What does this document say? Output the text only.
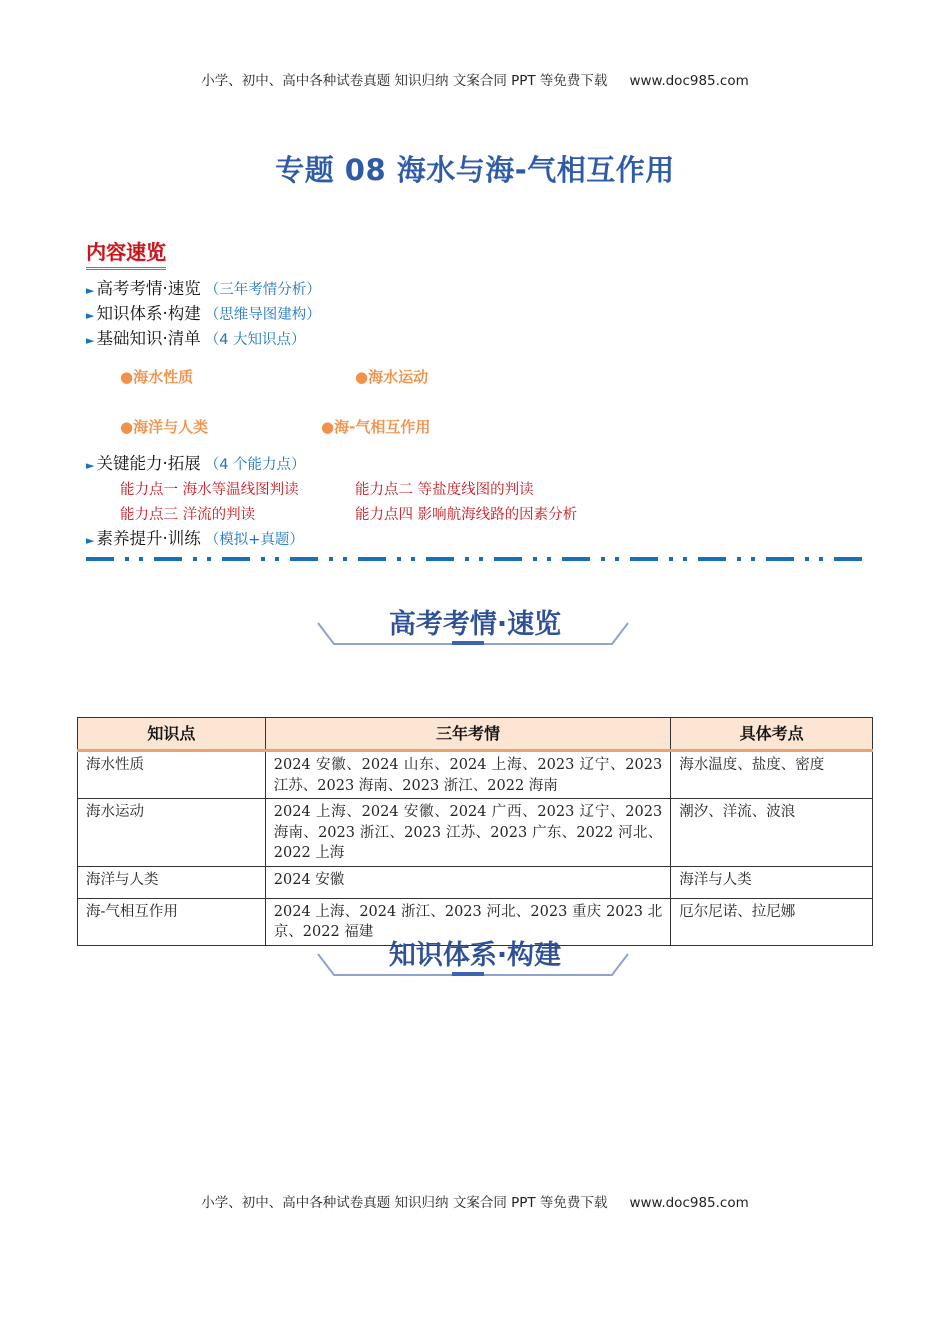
小学、初中、高中各种试卷真题 知识归纳 文案合同 PPT 等免费下载 www.doc985.com
专题 08 海水与海-气相互作用
内容速览
► 高考考情·速览 （三年考情分析）
► 知识体系·构建 （思维导图建构）
► 基础知识·清单 （4 大知识点）
●海水性质	●海水运动
●海洋与人类	●海-气相互作用
► 关键能力·拓展 （4 个能力点）
能力点一 海水等温线图判读	能力点二 等盐度线图的判读
能力点三 洋流的判读	能力点四 影响航海线路的因素分析
► 素养提升·训练 （模拟+真题）
高考考情·速览
知识点	三年考情	具体考点
海水性质	2024 安徽、2024 山东、2024 上海、2023 辽宁、2023 江苏、2023 海南、2023 浙江、2022 海南	海水温度、盐度、密度
海水运动	2024 上海、2024 安徽、2024 广西、2023 辽宁、2023 海南、2023 浙江、2023 江苏、2023 广东、2022 河北、2022 上海	潮汐、洋流、波浪
海洋与人类	2024 安徽	海洋与人类
海-气相互作用	2024 上海、2024 浙江、2023 河北、2023 重庆 2023 北京、2022 福建	厄尔尼诺、拉尼娜
知识体系·构建
小学、初中、高中各种试卷真题 知识归纳 文案合同 PPT 等免费下载 www.doc985.com
